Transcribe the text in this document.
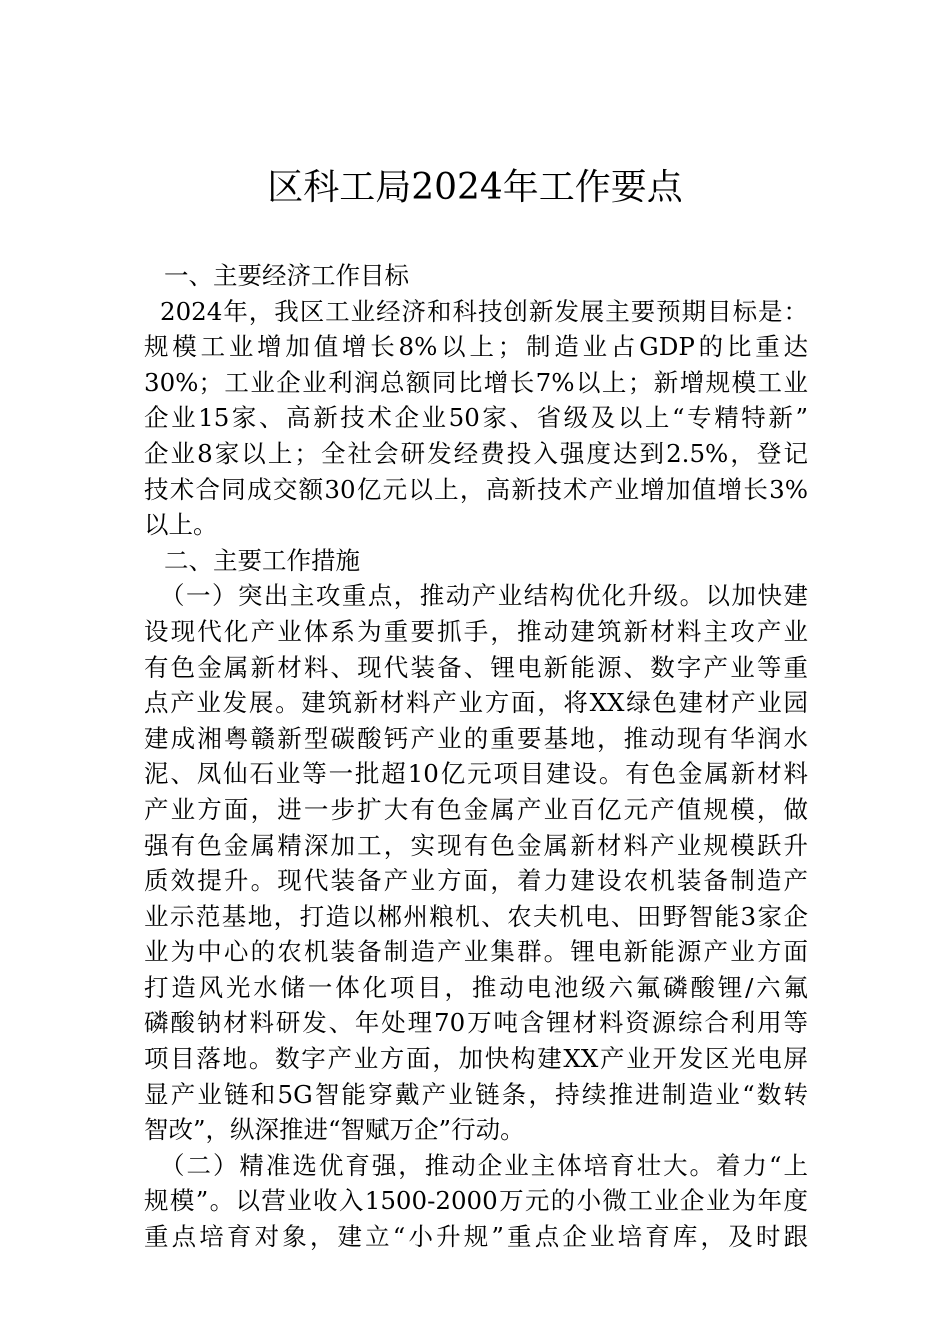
区科工局2024年工作要点
一、主要经济工作目标
2024年，我区工业经济和科技创新发展主要预期目标是：
规模工业增加值增长8%以上；制造业占GDP的比重达
30%；工业企业利润总额同比增长7%以上；新增规模工业
企业15家、高新技术企业50家、省级及以上“专精特新”
企业8家以上；全社会研发经费投入强度达到2.5%，登记
技术合同成交额30亿元以上，高新技术产业增加值增长3%
以上。
二、主要工作措施
（一）突出主攻重点，推动产业结构优化升级。以加快建
设现代化产业体系为重要抓手，推动建筑新材料主攻产业
有色金属新材料、现代装备、锂电新能源、数字产业等重
点产业发展。建筑新材料产业方面，将XX绿色建材产业园
建成湘粤赣新型碳酸钙产业的重要基地，推动现有华润水
泥、凤仙石业等一批超10亿元项目建设。有色金属新材料
产业方面，进一步扩大有色金属产业百亿元产值规模，做
强有色金属精深加工，实现有色金属新材料产业规模跃升
质效提升。现代装备产业方面，着力建设农机装备制造产
业示范基地，打造以郴州粮机、农夫机电、田野智能3家企
业为中心的农机装备制造产业集群。锂电新能源产业方面
打造风光水储一体化项目，推动电池级六氟磷酸锂/六氟
磷酸钠材料研发、年处理70万吨含锂材料资源综合利用等
项目落地。数字产业方面，加快构建XX产业开发区光电屏
显产业链和5G智能穿戴产业链条，持续推进制造业“数转
智改”，纵深推进“智赋万企”行动。
（二）精准选优育强，推动企业主体培育壮大。着力“上
规模”。以营业收入1500-2000万元的小微工业企业为年度
重点培育对象，建立“小升规”重点企业培育库，及时跟
